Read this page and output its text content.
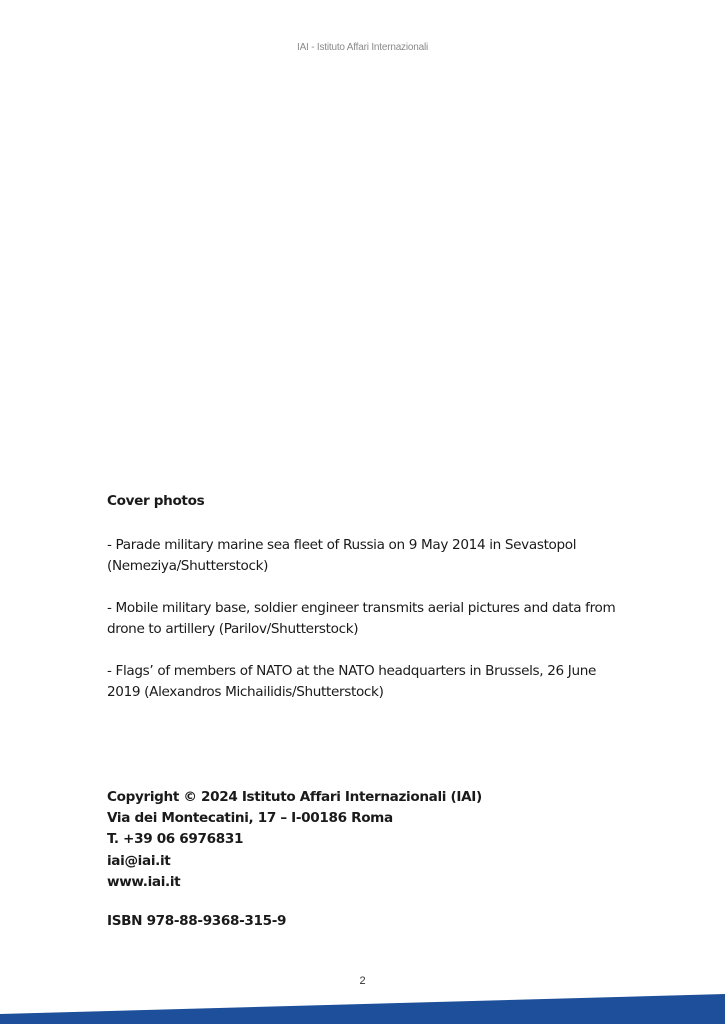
IAI - Istituto Affari Internazionali
Cover photos
- Parade military marine sea fleet of Russia on 9 May 2014 in Sevastopol (Nemeziya/Shutterstock)
- Mobile military base, soldier engineer transmits aerial pictures and data from drone to artillery (Parilov/Shutterstock)
- Flags’ of members of NATO at the NATO headquarters in Brussels, 26 June 2019 (Alexandros Michailidis/Shutterstock)
Copyright © 2024 Istituto Affari Internazionali (IAI)
Via dei Montecatini, 17 – I-00186 Roma
T. +39 06 6976831
iai@iai.it
www.iai.it
ISBN 978-88-9368-315-9
2
